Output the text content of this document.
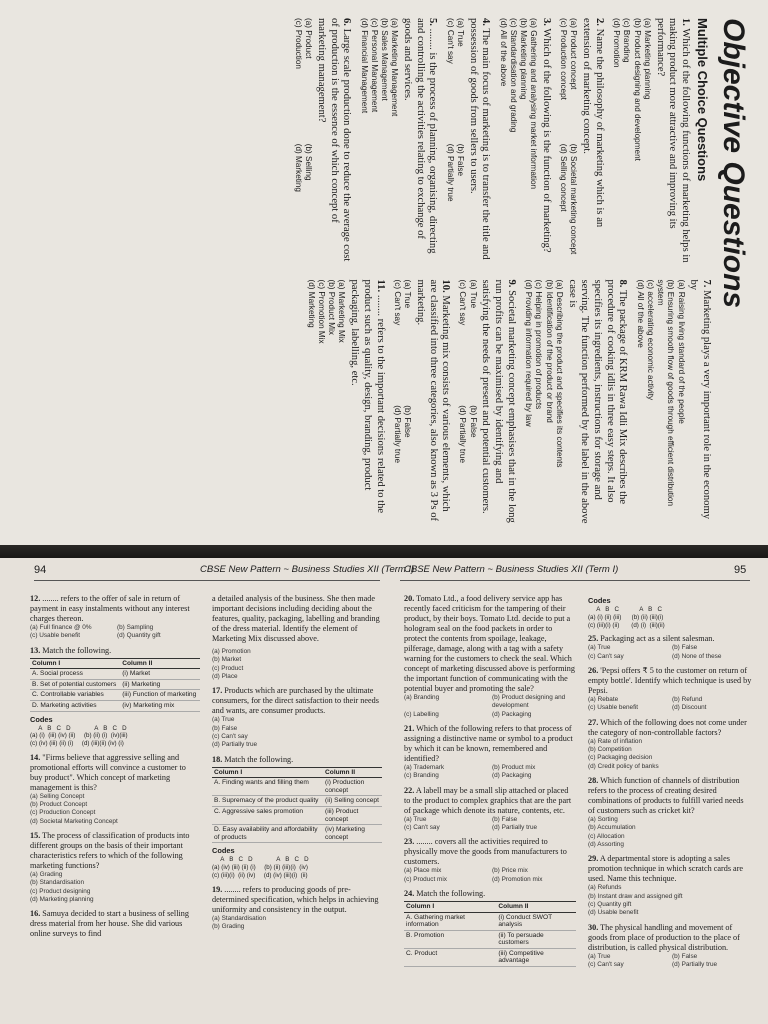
Objective Questions
Multiple Choice Questions
1. Which of the following functions of marketing helps in making product more attractive and improving its performance?
(a) Marketing planning
(b) Product designing and development
(c) Branding
(d) Promotion
2. Name the philosophy of marketing which is an extension of marketing concept.
(a) Product concept
(b) Societal marketing concept
(c) Production concept
(d) Selling concept
3. Which of the following is the function of marketing?
(a) Gathering and analysing market information
(b) Marketing planning
(c) Standardisation and grading
(d) All of the above
4. The main focus of marketing is to transfer the title and possession of goods from sellers to users.
(a) True
(b) False
(c) Can't say
(d) Partially true
5. ........ is the process of planning, organising, directing and controlling the activities relating to exchange of goods and services.
(a) Marketing Management
(b) Sales Management
(c) Personal Management
(d) Financial Management
6. Large scale production done to reduce the average cost of production is the essence of which concept of marketing management?
(a) Product
(b) Selling
(c) Production
(d) Marketing
7. Marketing plays a very important role in the economy by
(a) Raising living standard of the people
(b) Ensuring smooth flow of goods through efficient distribution system
(c) accelerating economic activity
(d) All of the above
8. The package of KRM Rawa Idli Mix describes the procedure of cooking idlis in three easy steps. It also specifies its ingredients, instructions for storage and serving. The function performed by the label in the above case is
(a) Describing the product and specifies its contents
(b) Identification of the product or brand
(c) Helping in promotion of products
(d) Providing information required by law
9. Societal marketing concept emphasises that in the long run profits can be maximised by identifying and satisfying the needs of present and potential customers.
(a) True
(b) False
(c) Can't say
(d) Partially true
10. Marketing mix consists of various elements, which are classified into three categories, also known as 3 Ps of marketing.
(a) True
(b) False
(c) Can't say
(d) Partially true
11. ........ refers to the important decisions related to the product such as quality, design, branding, product packaging, labelling, etc.
(a) Marketing Mix
(b) Product Mix
(c) Promotion Mix
(d) Marketing
94	CBSE New Pattern ~ Business Studies XII (Term I)
CBSE New Pattern ~ Business Studies XII (Term I)	95
12. ........ refers to the offer of sale in return of payment in easy instalments without any interest charges thereon.
(a) Full finance @ 0%	(b) Sampling
(c) Usable benefit	(d) Quantity gift
13. Match the following.
Column I	Column II
A. Social process	(i) Market
B. Set of potential customers	(ii) Marketing
C. Controllable variables	(iii) Function of marketing
D. Marketing activities	(iv) Marketing mix
Codes
A   B   C   D              A   B   C   D
(a) (i)  (iii) (iv) (ii)     (b) (ii) (i)  (iv)(iii)
(c) (iv) (iii) (ii) (i)     (d) (iii)(ii) (iv) (i)
14. "Firms believe that aggressive selling and promotional efforts will convince a customer to buy product". Which concept of marketing management is this?
(a) Selling Concept
(b) Product Concept
(c) Production Concept
(d) Societal Marketing Concept
15. The process of classification of products into different groups on the basis of their important characteristics refers to which of the following marketing functions?
(a) Grading
(b) Standardisation
(c) Product designing
(d) Marketing planning
16. Samuya decided to start a business of selling dress material from her house. She did various online surveys to find
a detailed analysis of the business. She then made important decisions including deciding about the features, quality, packaging, labelling and branding of the dress material. Identify the element of Marketing Mix discussed above.
(a) Promotion
(b) Market
(c) Product
(d) Place
17. Products which are purchased by the ultimate consumers, for the direct satisfaction to their needs and wants, are consumer products.
(a) True
(b) False
(c) Can't say
(d) Partially true
18. Match the following.
Column I	Column II
A. Finding wants and filling them	(i) Production concept
B. Supremacy of the product quality	(ii) Selling concept
C. Aggressive sales promotion	(iii) Product concept
D. Easy availability and affordability of products	(iv) Marketing concept
Codes
A   B   C   D              A   B   C   D
(a) (iv) (iii) (ii) (i)     (b) (ii) (iii)(i)  (iv)
(c) (iii)(i)  (ii) (iv)     (d) (iv) (iii)(i)  (ii)
19. ........ refers to producing goods of pre-determined specification, which helps in achieving uniformity and consistency in the output.
(a) Standardisation
(b) Grading
20. Tomato Ltd., a food delivery service app has recently faced criticism for the tampering of their product, by their boys. Tomato Ltd. decide to put a hologram seal on the food packets in order to protect the contents from spoilage, leakage, pilferage, damage, along with a tag with a safety warning for the customers to check the seal. Which concept of marketing discussed above is performing the important function of communicating with the potential buyer and promoting the sale?
(a) Branding	(b) Product designing and development
(c) Labelling	(d) Packaging
21. Which of the following refers to that process of assigning a distinctive name or symbol to a product by which it can be known, remembered and identified?
(a) Trademark	(b) Product mix
(c) Branding	(d) Packaging
22. A labell may be a small slip attached or placed to the product to complex graphics that are the part of package which denote its nature, contents, etc.
(a) True	(b) False
(c) Can't say	(d) Partially true
23. ........ covers all the activities required to physically move the goods from manufacturers to customers.
(a) Place mix	(b) Price mix
(c) Product mix	(d) Promotion mix
24. Match the following.
Column I	Column II
A. Gathering market information	(i) Conduct SWOT analysis
B. Promotion	(ii) To persuade customers
C. Product	(iii) Competitive advantage
Codes
A   B   C            A   B   C
(a) (i) (ii) (iii)      (b) (ii) (iii)(i)
(c) (iii)(i) (ii)       (d) (i)  (iii)(ii)
25. Packaging act as a silent salesman.
(a) True	(b) False
(c) Can't say	(d) None of these
26. 'Pepsi offers ₹ 5 to the customer on return of empty bottle'. Identify which technique is used by Pepsi.
(a) Rebate	(b) Refund
(c) Usable benefit	(d) Discount
27. Which of the following does not come under the category of non-controllable factors?
(a) Rate of inflation
(b) Competition
(c) Packaging decision
(d) Credit policy of banks
28. Which function of channels of distribution refers to the process of creating desired combinations of products to fulfill varied needs of customers such as cricket kit?
(a) Sorting
(b) Accumulation
(c) Allocation
(d) Assorting
29. A departmental store is adopting a sales promotion technique in which scratch cards are used. Name this technique.
(a) Refunds
(b) Instant draw and assigned gift
(c) Quantity gift
(d) Usable benefit
30. The physical handling and movement of goods from place of production to the place of distribution, is called physical distribution.
(a) True	(b) False
(c) Can't say	(d) Partially true
